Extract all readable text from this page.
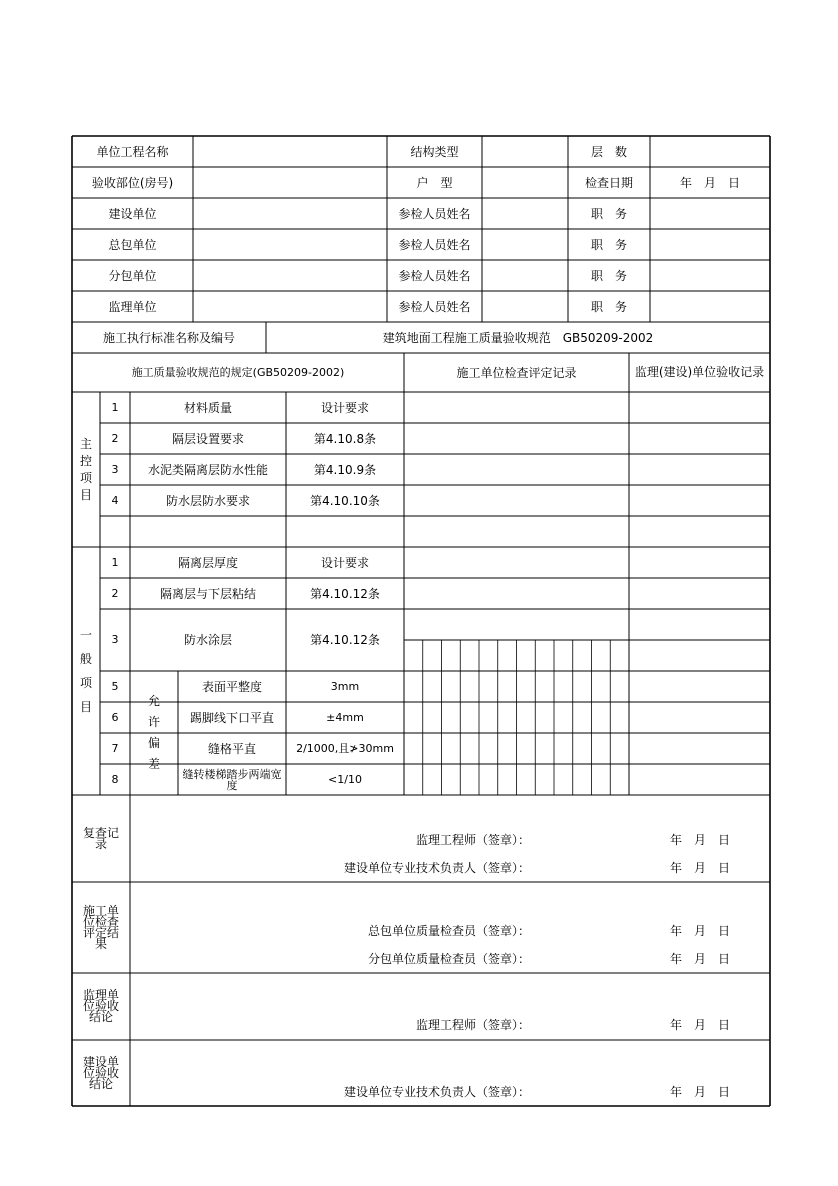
单位工程名称	结构类型	层　数
验收部位(房号)	户　型	检查日期	年　月　日
建设单位	参检人员姓名	职　务
总包单位	参检人员姓名	职　务
分包单位	参检人员姓名	职　务
监理单位	参检人员姓名	职　务
施工执行标准名称及编号	建筑地面工程施工质量验收规范　GB50209-2002
施工质量验收规范的规定(GB50209-2002)	施工单位检查评定记录	监理(建设)单位验收记录
主
控
项
目
1	材料质量	设计要求
2	隔层设置要求	第4.10.8条
3	水泥类隔离层防水性能	第4.10.9条
4	防水层防水要求	第4.10.10条
一
般
项
目
1	隔离层厚度	设计要求
2	隔离层与下层粘结	第4.10.12条
3	防水涂层	第4.10.12条
允
许
偏
差
5	表面平整度	3mm
6	踢脚线下口平直	±4mm
7	缝格平直	2/1000,且≯30mm
8	缝转楼梯踏步两端宽度	<1/10
复查记录	监理工程师（签章）：	年　月　日
建设单位专业技术负责人（签章）：	年　月　日
施工单位检查评定结果
总包单位质量检查员（签章）：	年　月　日
分包单位质量检查员（签章）：	年　月　日
监理单位验收结论
监理工程师（签章）：	年　月　日
建设单位验收结论
建设单位专业技术负责人（签章）：	年　月　日
